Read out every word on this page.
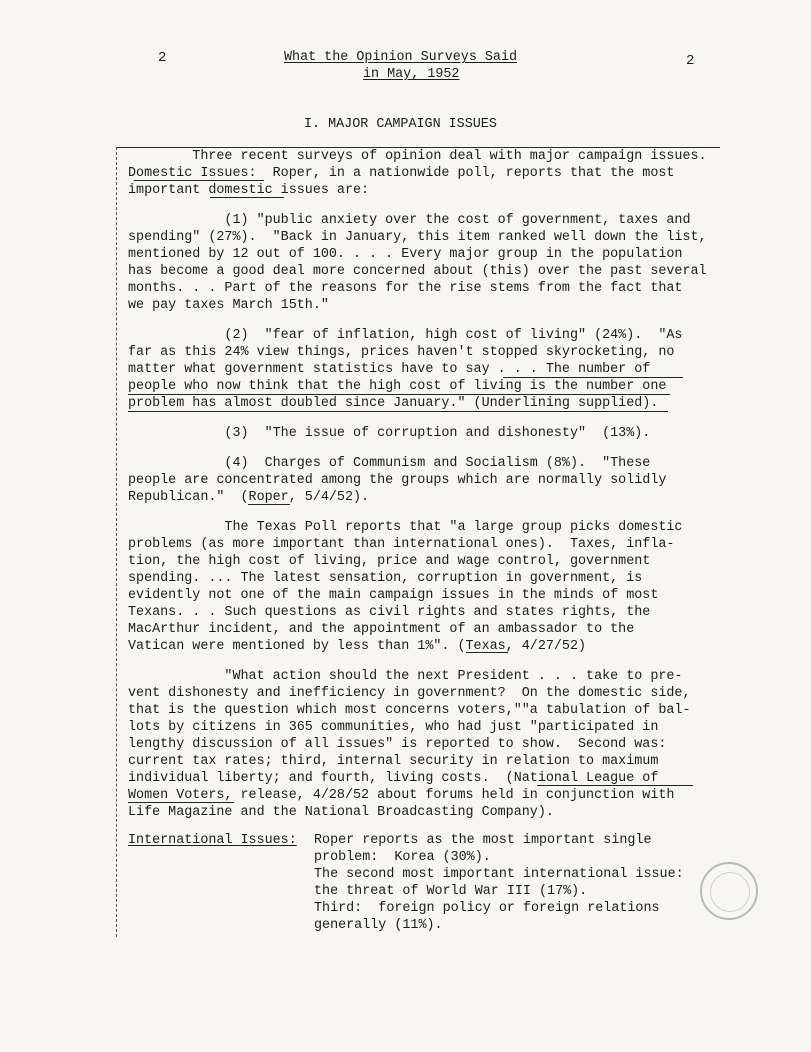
2	2
What the Opinion Surveys Said
in May, 1952
I. MAJOR CAMPAIGN ISSUES
Three recent surveys of opinion deal with major campaign issues.
Domestic Issues:  Roper, in a nationwide poll, reports that the most
important domestic issues are:
(1) "public anxiety over the cost of government, taxes and
spending" (27%).  "Back in January, this item ranked well down the list,
mentioned by 12 out of 100. . . . Every major group in the population
has become a good deal more concerned about (this) over the past several
months. . . Part of the reasons for the rise stems from the fact that
we pay taxes March 15th."
(2)  "fear of inflation, high cost of living" (24%).  "As
far as this 24% view things, prices haven't stopped skyrocketing, no
matter what government statistics have to say . . . The number of
people who now think that the high cost of living is the number one
problem has almost doubled since January." (Underlining supplied).
(3)  "The issue of corruption and dishonesty"  (13%).
(4)  Charges of Communism and Socialism (8%).  "These
people are concentrated among the groups which are normally solidly
Republican."  (Roper, 5/4/52).
The Texas Poll reports that "a large group picks domestic
problems (as more important than international ones).  Taxes, infla-
tion, the high cost of living, price and wage control, government
spending. ... The latest sensation, corruption in government, is
evidently not one of the main campaign issues in the minds of most
Texans. . . Such questions as civil rights and states rights, the
MacArthur incident, and the appointment of an ambassador to the
Vatican were mentioned by less than 1%". (Texas, 4/27/52)
"What action should the next President . . . take to pre-
vent dishonesty and inefficiency in government?  On the domestic side,
that is the question which most concerns voters,""a tabulation of bal-
lots by citizens in 365 communities, who had just "participated in
lengthy discussion of all issues" is reported to show.  Second was:
current tax rates; third, internal security in relation to maximum
individual liberty; and fourth, living costs.  (National League of
Women Voters, release, 4/28/52 about forums held in conjunction with
Life Magazine and the National Broadcasting Company).
International Issues: Roper reports as the most important single
problem:  Korea (30%).
The second most important international issue:
the threat of World War III (17%).
Third:  foreign policy or foreign relations
generally (11%).
